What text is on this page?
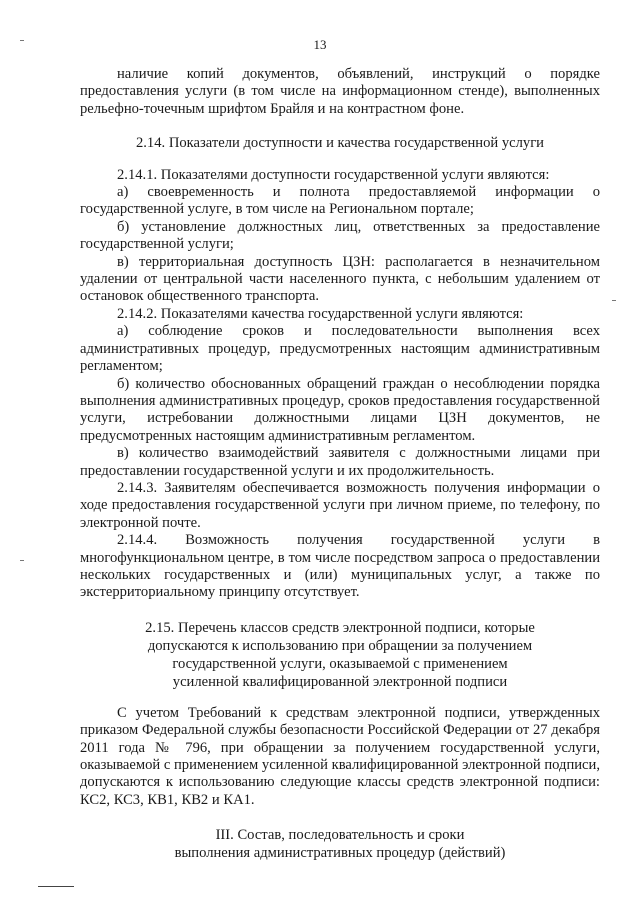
13

наличие копий документов, объявлений, инструкций о порядке предоставления услуги (в том числе на информационном стенде), выполненных рельефно-точечным шрифтом Брайля и на контрастном фоне.

2.14. Показатели доступности и качества государственной услуги

2.14.1. Показателями доступности государственной услуги являются:

а) своевременность и полнота предоставляемой информации о государственной услуге, в том числе на Региональном портале;

б) установление должностных лиц, ответственных за предоставление государственной услуги;

в) территориальная доступность ЦЗН: располагается в незначительном удалении от центральной части населенного пункта, с небольшим удалением от остановок общественного транспорта.

2.14.2. Показателями качества государственной услуги являются:

а) соблюдение сроков и последовательности выполнения всех административных процедур, предусмотренных настоящим административным регламентом;

б) количество обоснованных обращений граждан о несоблюдении порядка выполнения административных процедур, сроков предоставления государственной услуги, истребовании должностными лицами ЦЗН документов, не предусмотренных настоящим административным регламентом.

в) количество взаимодействий заявителя с должностными лицами при предоставлении государственной услуги и их продолжительность.

2.14.3. Заявителям обеспечивается возможность получения информации о ходе предоставления государственной услуги при личном приеме, по телефону, по электронной почте.

2.14.4. Возможность получения государственной услуги в многофункциональном центре, в том числе посредством запроса о предоставлении нескольких государственных и (или) муниципальных услуг, а также по экстерриториальному принципу отсутствует.

2.15. Перечень классов средств электронной подписи, которые
допускаются к использованию при обращении за получением
государственной услуги, оказываемой с применением
усиленной квалифицированной электронной подписи

С учетом Требований к средствам электронной подписи, утвержденных приказом Федеральной службы безопасности Российской Федерации от 27 декабря 2011 года № 796, при обращении за получением государственной услуги, оказываемой с применением усиленной квалифицированной электронной подписи, допускаются к использованию следующие классы средств электронной подписи: КС2, КС3, КВ1, КВ2 и КА1.

III. Состав, последовательность и сроки
выполнения административных процедур (действий)
